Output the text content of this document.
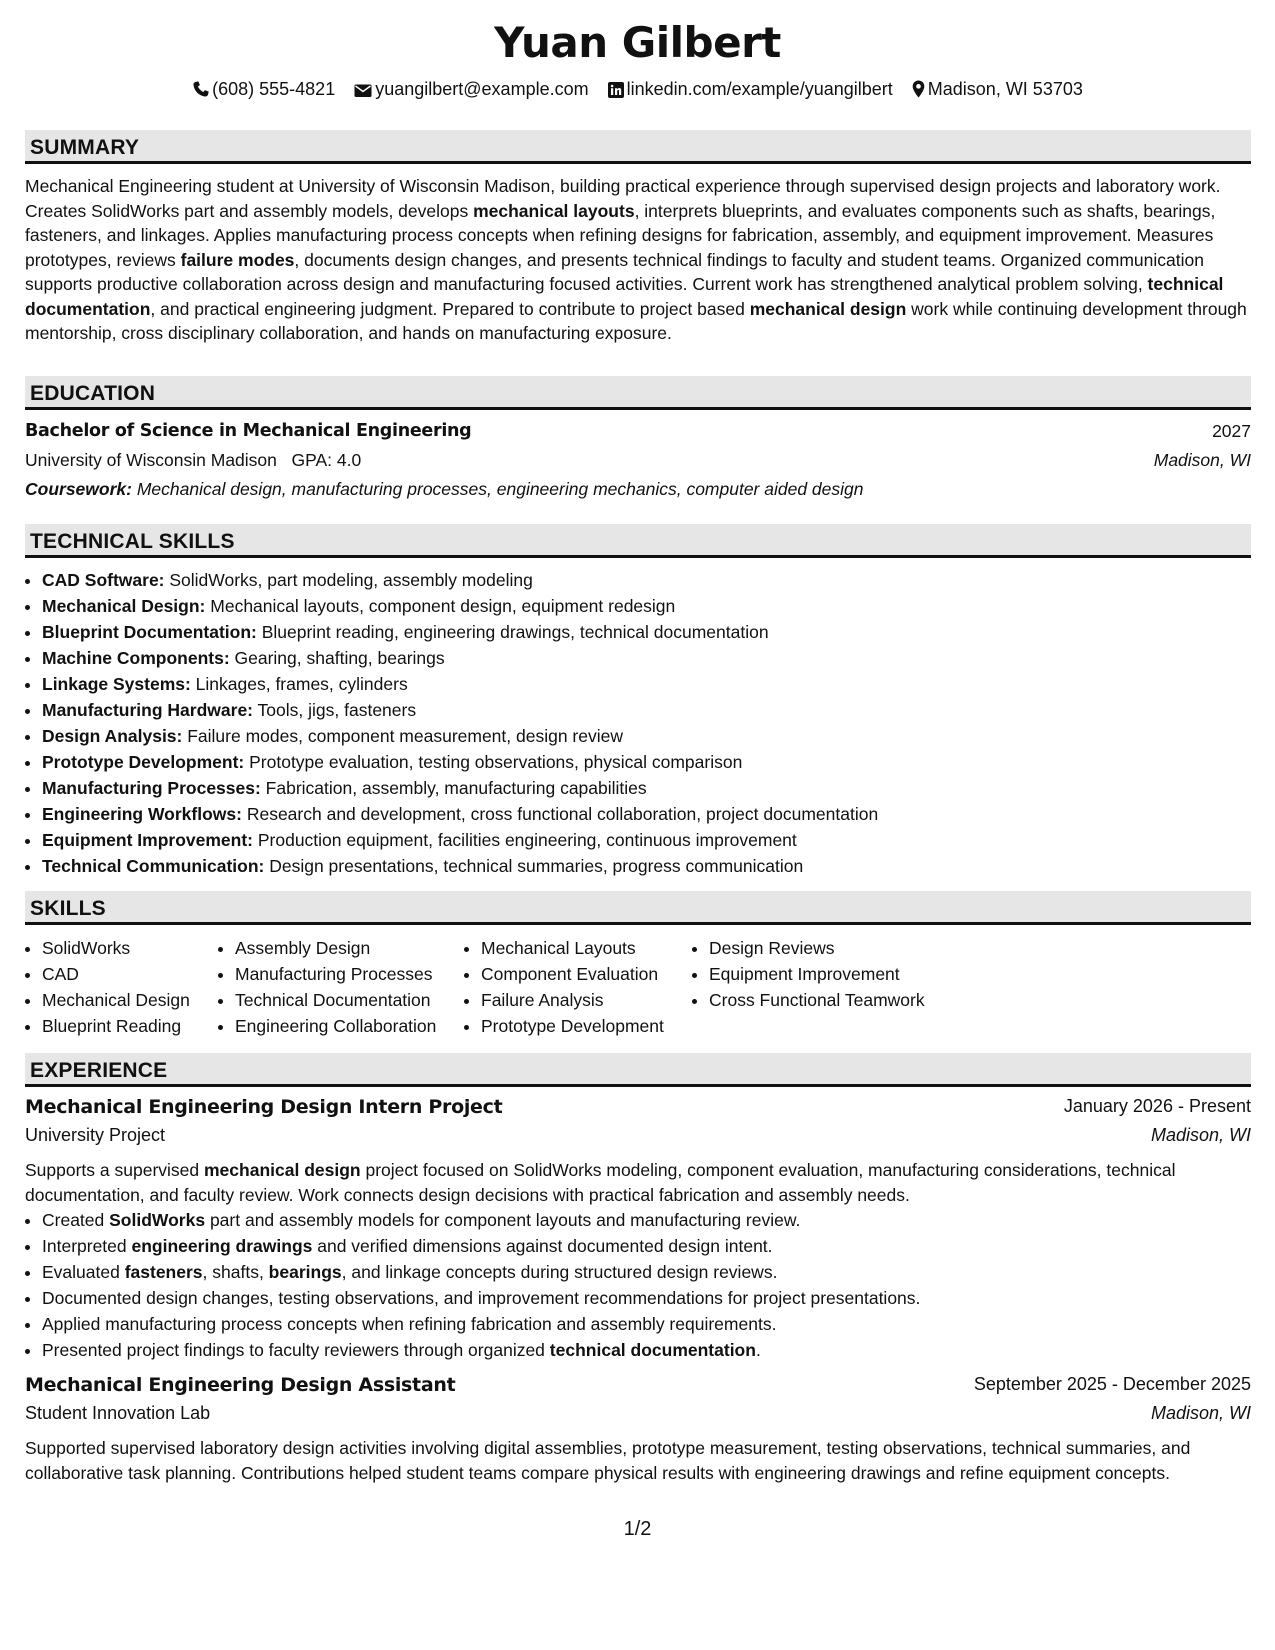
Yuan Gilbert
(608) 555-4821 yuangilbert@example.com linkedin.com/example/yuangilbert Madison, WI 53703
SUMMARY
Mechanical Engineering student at University of Wisconsin Madison, building practical experience through supervised design projects and laboratory work. Creates SolidWorks part and assembly models, develops mechanical layouts, interprets blueprints, and evaluates components such as shafts, bearings, fasteners, and linkages. Applies manufacturing process concepts when refining designs for fabrication, assembly, and equipment improvement. Measures prototypes, reviews failure modes, documents design changes, and presents technical findings to faculty and student teams. Organized communication supports productive collaboration across design and manufacturing focused activities. Current work has strengthened analytical problem solving, technical documentation, and practical engineering judgment. Prepared to contribute to project based mechanical design work while continuing development through mentorship, cross disciplinary collaboration, and hands on manufacturing exposure.
EDUCATION
Bachelor of Science in Mechanical Engineering	2027
University of Wisconsin Madison GPA: 4.0	Madison, WI
Coursework: Mechanical design, manufacturing processes, engineering mechanics, computer aided design
TECHNICAL SKILLS
• CAD Software: SolidWorks, part modeling, assembly modeling
• Mechanical Design: Mechanical layouts, component design, equipment redesign
• Blueprint Documentation: Blueprint reading, engineering drawings, technical documentation
• Machine Components: Gearing, shafting, bearings
• Linkage Systems: Linkages, frames, cylinders
• Manufacturing Hardware: Tools, jigs, fasteners
• Design Analysis: Failure modes, component measurement, design review
• Prototype Development: Prototype evaluation, testing observations, physical comparison
• Manufacturing Processes: Fabrication, assembly, manufacturing capabilities
• Engineering Workflows: Research and development, cross functional collaboration, project documentation
• Equipment Improvement: Production equipment, facilities engineering, continuous improvement
• Technical Communication: Design presentations, technical summaries, progress communication
SKILLS
• SolidWorks
• CAD
• Mechanical Design
• Blueprint Reading
• Assembly Design
• Manufacturing Processes
• Technical Documentation
• Engineering Collaboration
• Mechanical Layouts
• Component Evaluation
• Failure Analysis
• Prototype Development
• Design Reviews
• Equipment Improvement
• Cross Functional Teamwork
EXPERIENCE
Mechanical Engineering Design Intern Project	January 2026 - Present
University Project	Madison, WI
Supports a supervised mechanical design project focused on SolidWorks modeling, component evaluation, manufacturing considerations, technical documentation, and faculty review. Work connects design decisions with practical fabrication and assembly needs.
• Created SolidWorks part and assembly models for component layouts and manufacturing review.
• Interpreted engineering drawings and verified dimensions against documented design intent.
• Evaluated fasteners, shafts, bearings, and linkage concepts during structured design reviews.
• Documented design changes, testing observations, and improvement recommendations for project presentations.
• Applied manufacturing process concepts when refining fabrication and assembly requirements.
• Presented project findings to faculty reviewers through organized technical documentation.
Mechanical Engineering Design Assistant	September 2025 - December 2025
Student Innovation Lab	Madison, WI
Supported supervised laboratory design activities involving digital assemblies, prototype measurement, testing observations, technical summaries, and collaborative task planning. Contributions helped student teams compare physical results with engineering drawings and refine equipment concepts.
1/2
